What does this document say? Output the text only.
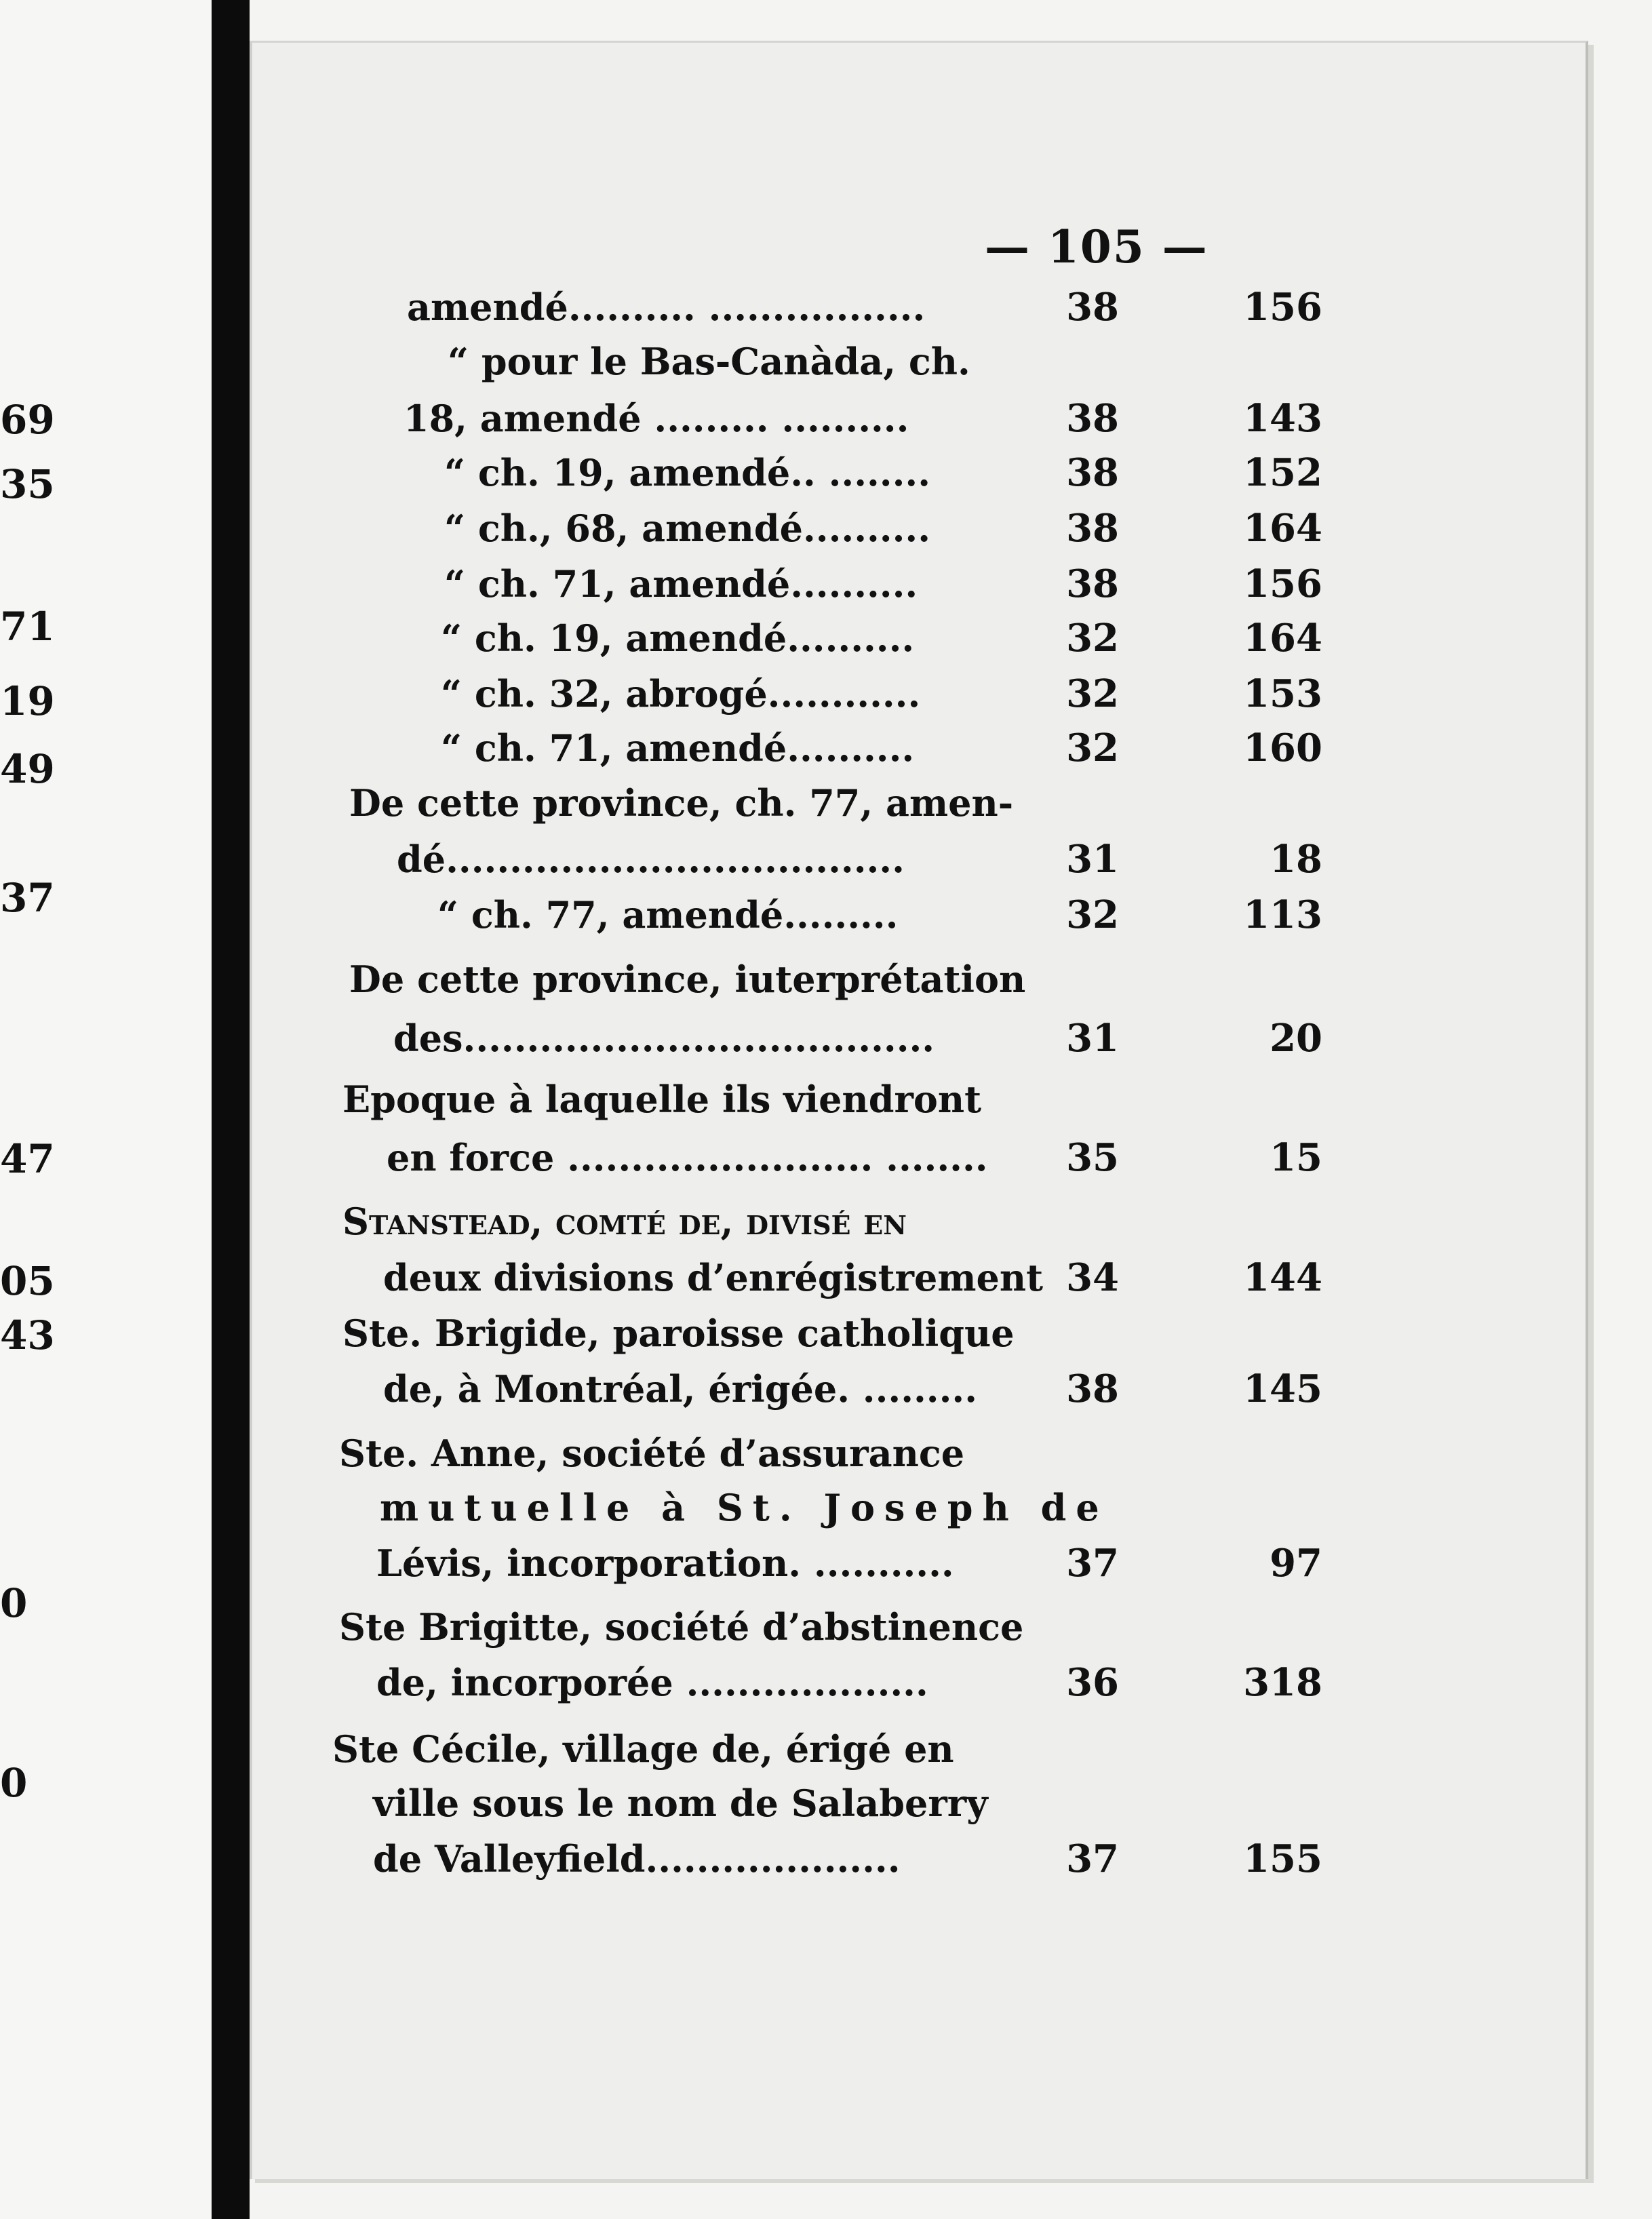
69
35
71
19
49
37
47
05
43
0
0
— 105 —
amendé.......... .................	38	156
“ pour le Bas-Canàda, ch.
18, amendé ......... ..........	38	143
“ ch. 19, amendé.. ........	38	152
“ ch., 68, amendé..........	38	164
“ ch. 71, amendé..........	38	156
“ ch. 19, amendé..........	32	164
“ ch. 32, abrogé............	32	153
“ ch. 71, amendé..........	32	160
De cette province, ch. 77, amen-
dé....................................	31	18
“ ch. 77, amendé.........	32	113
De cette province, iuterprétation
des.....................................	31	20
Epoque à laquelle ils viendront
en force ........................ ........	35	15
Stanstead, comté de, divisé en
deux divisions d’enrégistrement 34	144
Ste. Brigide, paroisse catholique
de, à Montréal, érigée. .........	38	145
Ste. Anne, société d’assurance
mutuelle à St. Joseph de
Lévis, incorporation. ...........	37	97
Ste Brigitte, société d’abstinence
de, incorporée ...................	36	318
Ste Cécile, village de, érigé en
ville sous le nom de Salaberry
de Valleyfield....................	37	155
